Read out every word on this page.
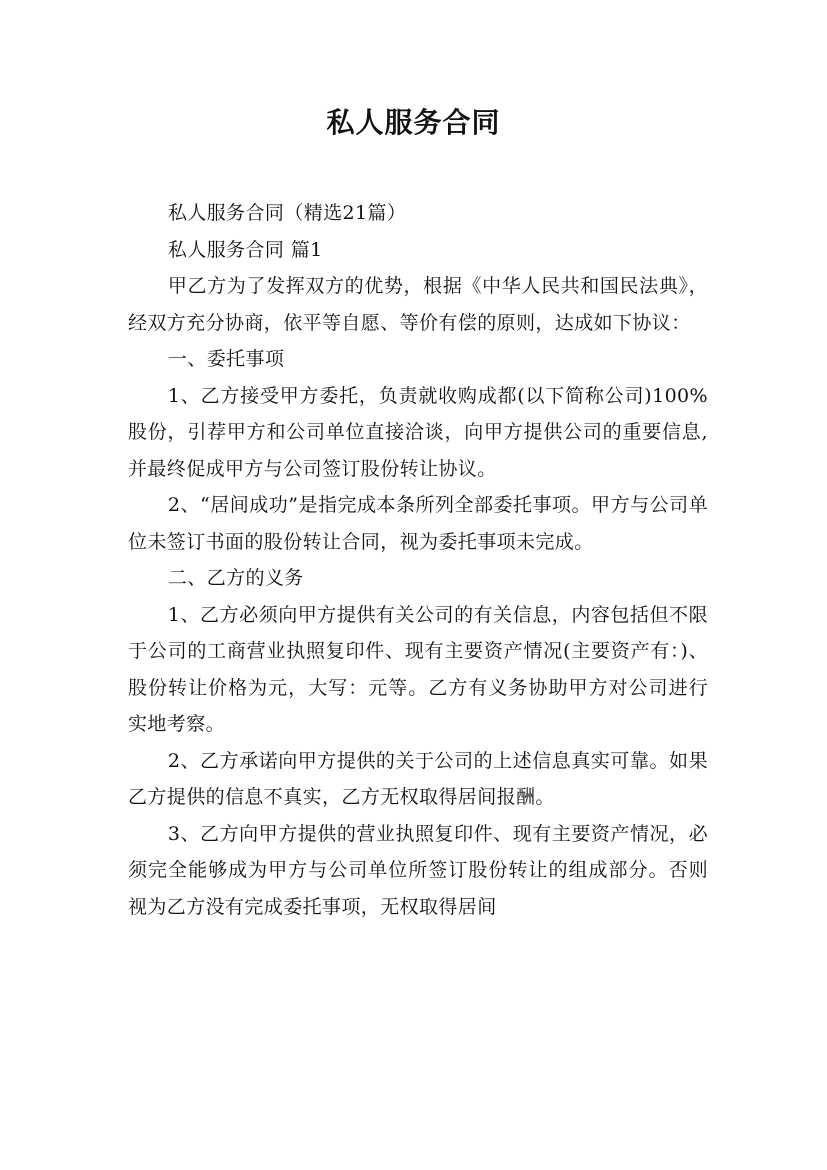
私人服务合同

私人服务合同（精选21篇）

私人服务合同 篇1

甲乙方为了发挥双方的优势，根据《中华人民共和国民法典》，经双方充分协商，依平等自愿、等价有偿的原则，达成如下协议：

一、委托事项

1、乙方接受甲方委托，负责就收购成都(以下简称公司)100%股份，引荐甲方和公司单位直接洽谈，向甲方提供公司的重要信息,并最终促成甲方与公司签订股份转让协议。

2、“居间成功”是指完成本条所列全部委托事项。甲方与公司单位未签订书面的股份转让合同，视为委托事项未完成。

二、乙方的义务

1、乙方必须向甲方提供有关公司的有关信息，内容包括但不限于公司的工商营业执照复印件、现有主要资产情况(主要资产有：)、股份转让价格为元，大写：元等。乙方有义务协助甲方对公司进行实地考察。

2、乙方承诺向甲方提供的关于公司的上述信息真实可靠。如果乙方提供的信息不真实，乙方无权取得居间报酬。

3、乙方向甲方提供的营业执照复印件、现有主要资产情况，必须完全能够成为甲方与公司单位所签订股份转让的组成部分。否则视为乙方没有完成委托事项，无权取得居间
